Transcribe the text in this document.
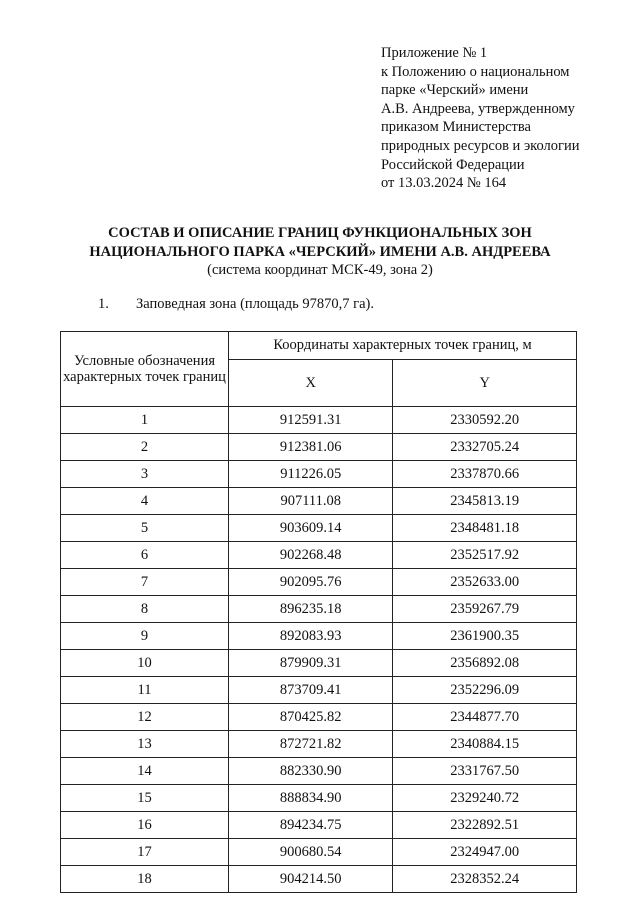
Приложение № 1
к Положению о национальном
парке «Черский» имени
А.В. Андреева, утвержденному
приказом Министерства
природных ресурсов и экологии
Российской Федерации
от 13.03.2024 № 164
СОСТАВ И ОПИСАНИЕ ГРАНИЦ ФУНКЦИОНАЛЬНЫХ ЗОН
НАЦИОНАЛЬНОГО ПАРКА «ЧЕРСКИЙ» ИМЕНИ А.В. АНДРЕЕВА
(система координат МСК-49, зона 2)
1. Заповедная зона (площадь 97870,7 га).
Условные обозначения характерных точек границ	Координаты характерных точек границ, м	
	X	Y
1	912591.31	2330592.20
2	912381.06	2332705.24
3	911226.05	2337870.66
4	907111.08	2345813.19
5	903609.14	2348481.18
6	902268.48	2352517.92
7	902095.76	2352633.00
8	896235.18	2359267.79
9	892083.93	2361900.35
10	879909.31	2356892.08
11	873709.41	2352296.09
12	870425.82	2344877.70
13	872721.82	2340884.15
14	882330.90	2331767.50
15	888834.90	2329240.72
16	894234.75	2322892.51
17	900680.54	2324947.00
18	904214.50	2328352.24
